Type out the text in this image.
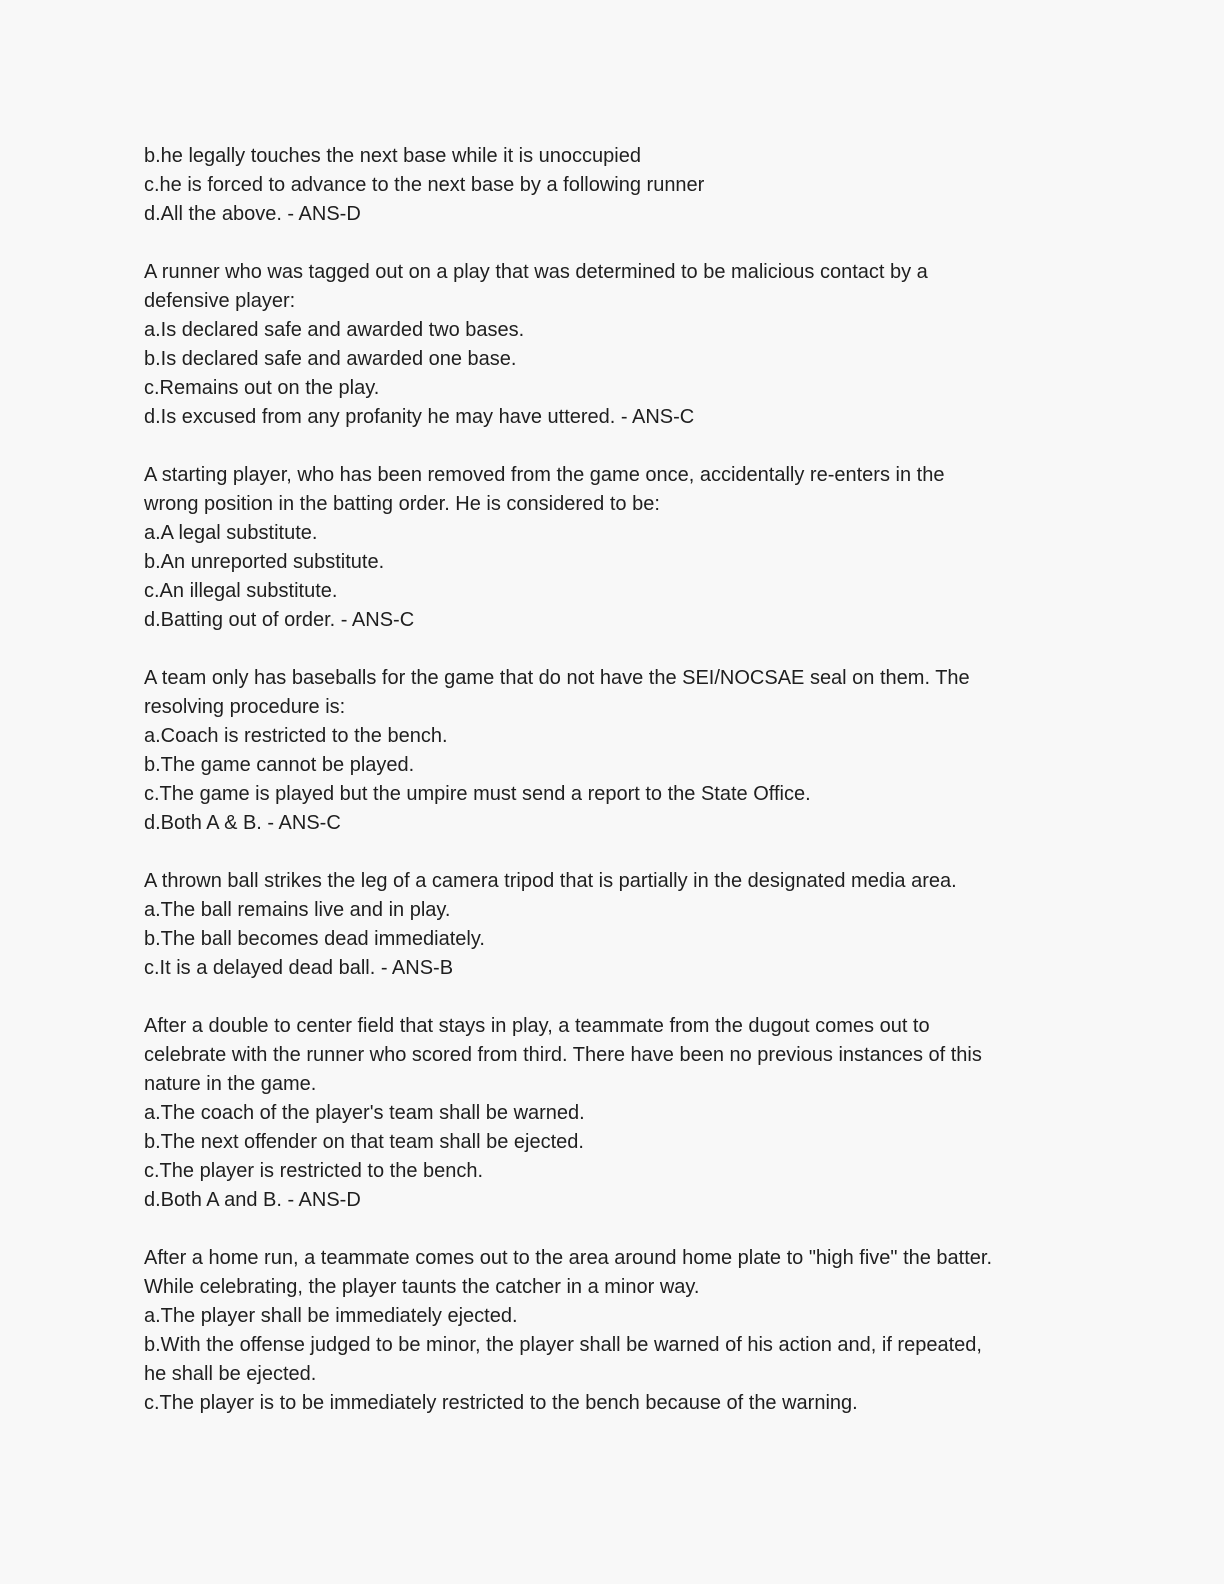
b.he legally touches the next base while it is unoccupied
c.he is forced to advance to the next base by a following runner
d.All the above. - ANS-D
A runner who was tagged out on a play that was determined to be malicious contact by a
defensive player:
a.Is declared safe and awarded two bases.
b.Is declared safe and awarded one base.
c.Remains out on the play.
d.Is excused from any profanity he may have uttered. - ANS-C
A starting player, who has been removed from the game once, accidentally re-enters in the
wrong position in the batting order. He is considered to be:
a.A legal substitute.
b.An unreported substitute.
c.An illegal substitute.
d.Batting out of order. - ANS-C
A team only has baseballs for the game that do not have the SEI/NOCSAE seal on them. The
resolving procedure is:
a.Coach is restricted to the bench.
b.The game cannot be played.
c.The game is played but the umpire must send a report to the State Office.
d.Both A & B. - ANS-C
A thrown ball strikes the leg of a camera tripod that is partially in the designated media area.
a.The ball remains live and in play.
b.The ball becomes dead immediately.
c.It is a delayed dead ball. - ANS-B
After a double to center field that stays in play, a teammate from the dugout comes out to
celebrate with the runner who scored from third. There have been no previous instances of this
nature in the game.
a.The coach of the player's team shall be warned.
b.The next offender on that team shall be ejected.
c.The player is restricted to the bench.
d.Both A and B. - ANS-D
After a home run, a teammate comes out to the area around home plate to "high five" the batter.
While celebrating, the player taunts the catcher in a minor way.
a.The player shall be immediately ejected.
b.With the offense judged to be minor, the player shall be warned of his action and, if repeated,
he shall be ejected.
c.The player is to be immediately restricted to the bench because of the warning.
